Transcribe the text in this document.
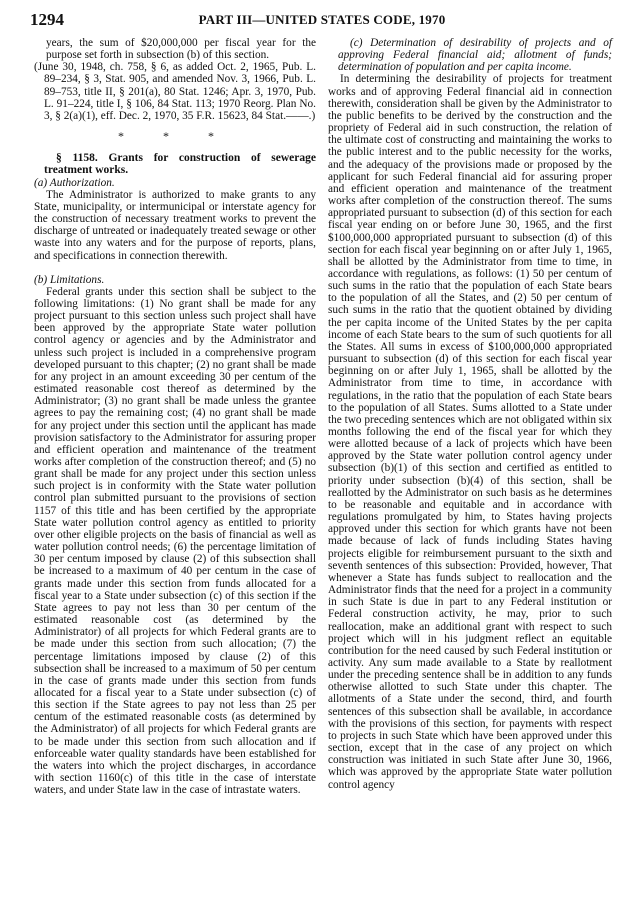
1294	PART III—UNITED STATES CODE, 1970

years, the sum of $20,000,000 per fiscal year for the purpose set forth in subsection (b) of this section.

(June 30, 1948, ch. 758, § 6, as added Oct. 2, 1965, Pub. L. 89–234, § 3, Stat. 905, and amended Nov. 3, 1966, Pub. L. 89–753, title II, § 201(a), 80 Stat. 1246; Apr. 3, 1970, Pub. L. 91–224, title I, § 106, 84 Stat. 113; 1970 Reorg. Plan No. 3, § 2(a)(1), eff. Dec. 2, 1970, 35 F.R. 15623, 84 Stat.——.)

* * *

§ 1158. Grants for construction of sewerage treatment works.

(a) Authorization.

The Administrator is authorized to make grants to any State, municipality, or intermunicipal or interstate agency for the construction of necessary treatment works to prevent the discharge of untreated or inadequately treated sewage or other waste into any waters and for the purpose of reports, plans, and specifications in connection therewith.

(b) Limitations.

Federal grants under this section shall be subject to the following limitations: (1) No grant shall be made for any project pursuant to this section unless such project shall have been approved by the appropriate State water pollution control agency or agencies and by the Administrator and unless such project is included in a comprehensive program developed pursuant to this chapter; (2) no grant shall be made for any project in an amount exceeding 30 per centum of the estimated reasonable cost thereof as determined by the Administrator; (3) no grant shall be made unless the grantee agrees to pay the remaining cost; (4) no grant shall be made for any project under this section until the applicant has made provision satisfactory to the Administrator for assuring proper and efficient operation and maintenance of the treatment works after completion of the construction thereof; and (5) no grant shall be made for any project under this section unless such project is in conformity with the State water pollution control plan submitted pursuant to the provisions of section 1157 of this title and has been certified by the appropriate State water pollution control agency as entitled to priority over other eligible projects on the basis of financial as well as water pollution control needs; (6) the percentage limitation of 30 per centum imposed by clause (2) of this subsection shall be increased to a maximum of 40 per centum in the case of grants made under this section from funds allocated for a fiscal year to a State under subsection (c) of this section if the State agrees to pay not less than 30 per centum of the estimated reasonable cost (as determined by the Administrator) of all projects for which Federal grants are to be made under this section from such allocation; (7) the percentage limitations imposed by clause (2) of this subsection shall be increased to a maximum of 50 per centum in the case of grants made under this section from funds allocated for a fiscal year to a State under subsection (c) of this section if the State agrees to pay not less than 25 per centum of the estimated reasonable costs (as determined by the Administrator) of all projects for which Federal grants are to be made under this section from such allocation and if enforceable water quality standards have been established for the waters into which the project discharges, in accordance with section 1160(c) of this title in the case of interstate waters, and under State law in the case of intrastate waters.

(c) Determination of desirability of projects and of approving Federal financial aid; allotment of funds; determination of population and per capita income.

In determining the desirability of projects for treatment works and of approving Federal financial aid in connection therewith, consideration shall be given by the Administrator to the public benefits to be derived by the construction and the propriety of Federal aid in such construction, the relation of the ultimate cost of constructing and maintaining the works to the public interest and to the public necessity for the works, and the adequacy of the provisions made or proposed by the applicant for such Federal financial aid for assuring proper and efficient operation and maintenance of the treatment works after completion of the construction thereof. The sums appropriated pursuant to subsection (d) of this section for each fiscal year ending on or before June 30, 1965, and the first $100,000,000 appropriated pursuant to subsection (d) of this section for each fiscal year beginning on or after July 1, 1965, shall be allotted by the Administrator from time to time, in accordance with regulations, as follows: (1) 50 per centum of such sums in the ratio that the population of each State bears to the population of all the States, and (2) 50 per centum of such sums in the ratio that the quotient obtained by dividing the per capita income of the United States by the per capita income of each State bears to the sum of such quotients for all the States. All sums in excess of $100,000,000 appropriated pursuant to subsection (d) of this section for each fiscal year beginning on or after July 1, 1965, shall be allotted by the Administrator from time to time, in accordance with regulations, in the ratio that the population of each State bears to the population of all States. Sums allotted to a State under the two preceding sentences which are not obligated within six months following the end of the fiscal year for which they were allotted because of a lack of projects which have been approved by the State water pollution control agency under subsection (b)(1) of this section and certified as entitled to priority under subsection (b)(4) of this section, shall be reallotted by the Administrator on such basis as he determines to be reasonable and equitable and in accordance with regulations promulgated by him, to States having projects approved under this section for which grants have not been made because of lack of funds including States having projects eligible for reimbursement pursuant to the sixth and seventh sentences of this subsection: Provided, however, That whenever a State has funds subject to reallocation and the Administrator finds that the need for a project in a community in such State is due in part to any Federal institution or Federal construction activity, he may, prior to such reallocation, make an additional grant with respect to such project which will in his judgment reflect an equitable contribution for the need caused by such Federal institution or activity. Any sum made available to a State by reallotment under the preceding sentence shall be in addition to any funds otherwise allotted to such State under this chapter. The allotments of a State under the second, third, and fourth sentences of this subsection shall be available, in accordance with the provisions of this section, for payments with respect to projects in such State which have been approved under this section, except that in the case of any project on which construction was initiated in such State after June 30, 1966, which was approved by the appropriate State water pollution control agency
